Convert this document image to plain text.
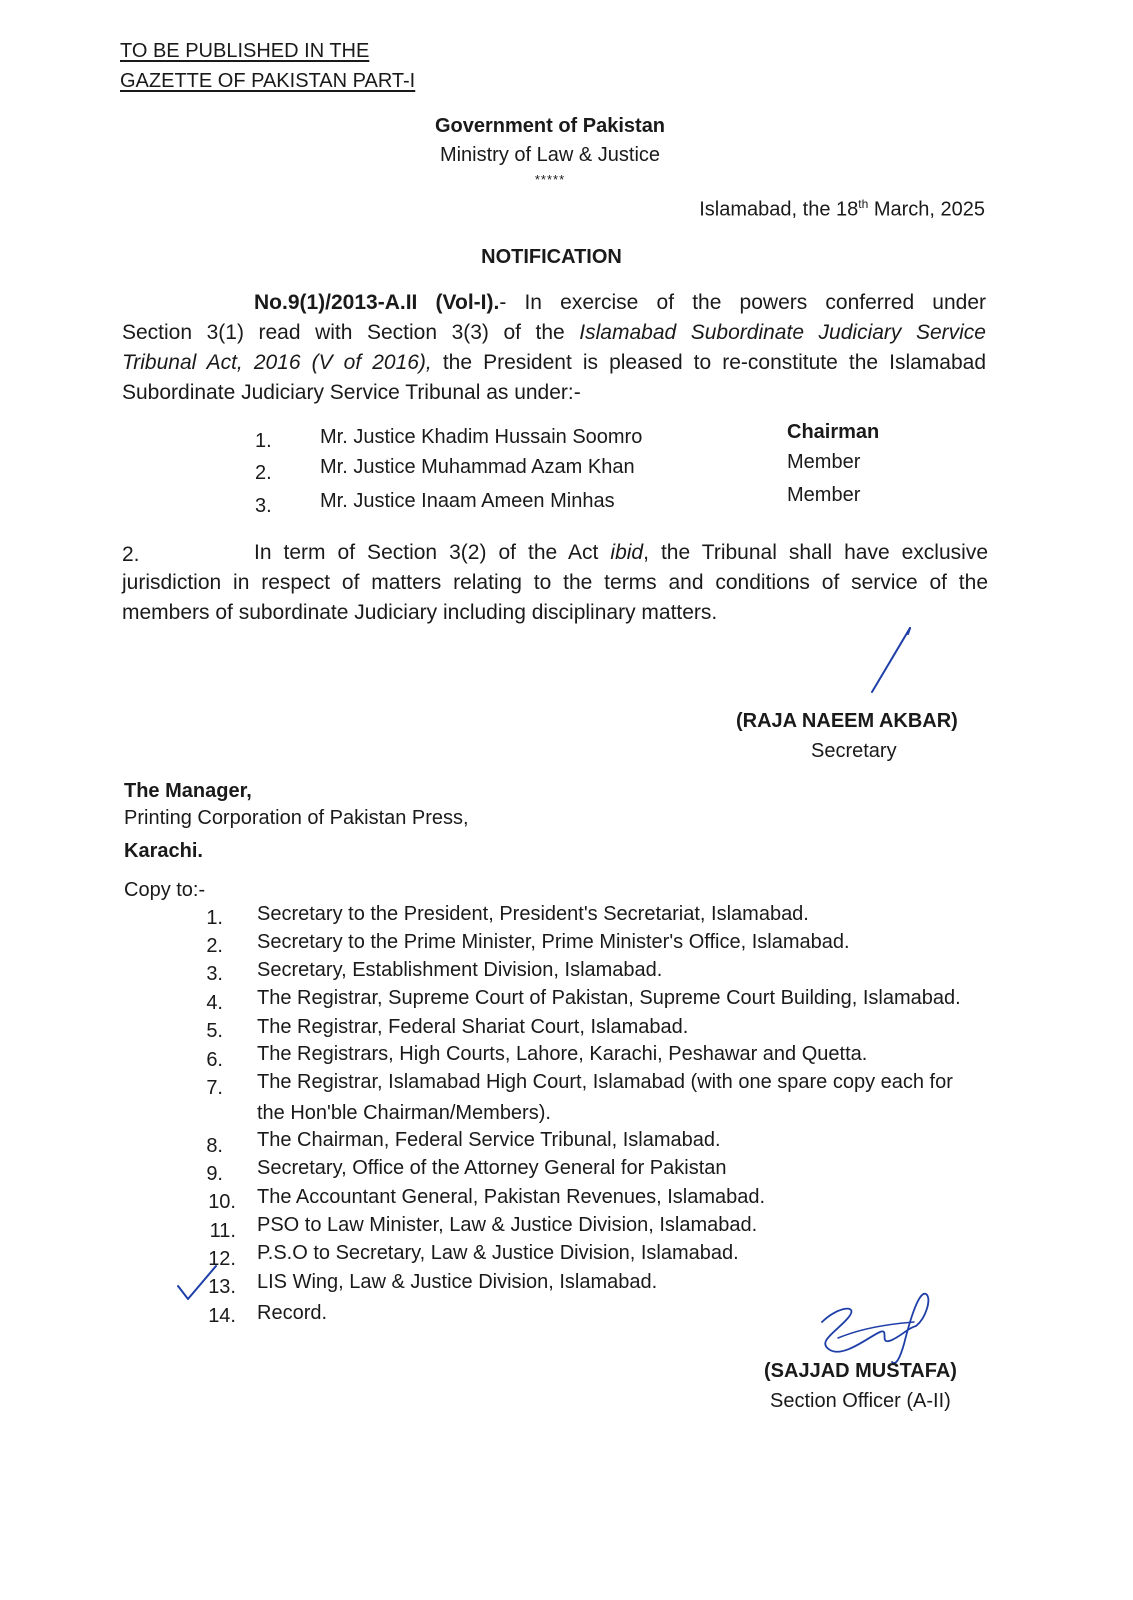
TO BE PUBLISHED IN THE
GAZETTE OF PAKISTAN PART-I
Government of Pakistan
Ministry of Law & Justice
*****
Islamabad, the 18th March, 2025
NOTIFICATION
No.9(1)/2013-A.II (Vol-I).- In exercise of the powers conferred under
Section 3(1) read with Section 3(3) of the Islamabad Subordinate Judiciary Service
Tribunal Act, 2016 (V of 2016), the President is pleased to re-constitute the Islamabad
Subordinate Judiciary Service Tribunal as under:-
1. Mr. Justice Khadim Hussain Soomro	Chairman
2. Mr. Justice Muhammad Azam Khan	Member
3. Mr. Justice Inaam Ameen Minhas	Member
2.	In term of Section 3(2) of the Act ibid, the Tribunal shall have exclusive
jurisdiction in respect of matters relating to the terms and conditions of service of the
members of subordinate Judiciary including disciplinary matters.
(RAJA NAEEM AKBAR)
Secretary
The Manager,
Printing Corporation of Pakistan Press,
Karachi.
Copy to:-
1. Secretary to the President, President's Secretariat, Islamabad.
2. Secretary to the Prime Minister, Prime Minister's Office, Islamabad.
3. Secretary, Establishment Division, Islamabad.
4. The Registrar, Supreme Court of Pakistan, Supreme Court Building, Islamabad.
5. The Registrar, Federal Shariat Court, Islamabad.
6. The Registrars, High Courts, Lahore, Karachi, Peshawar and Quetta.
7. The Registrar, Islamabad High Court, Islamabad (with one spare copy each for
the Hon'ble Chairman/Members).
8. The Chairman, Federal Service Tribunal, Islamabad.
9. Secretary, Office of the Attorney General for Pakistan
10. The Accountant General, Pakistan Revenues, Islamabad.
11. PSO to Law Minister, Law & Justice Division, Islamabad.
12. P.S.O to Secretary, Law & Justice Division, Islamabad.
13. LIS Wing, Law & Justice Division, Islamabad.
14. Record.
(SAJJAD MUSTAFA)
Section Officer (A-II)
